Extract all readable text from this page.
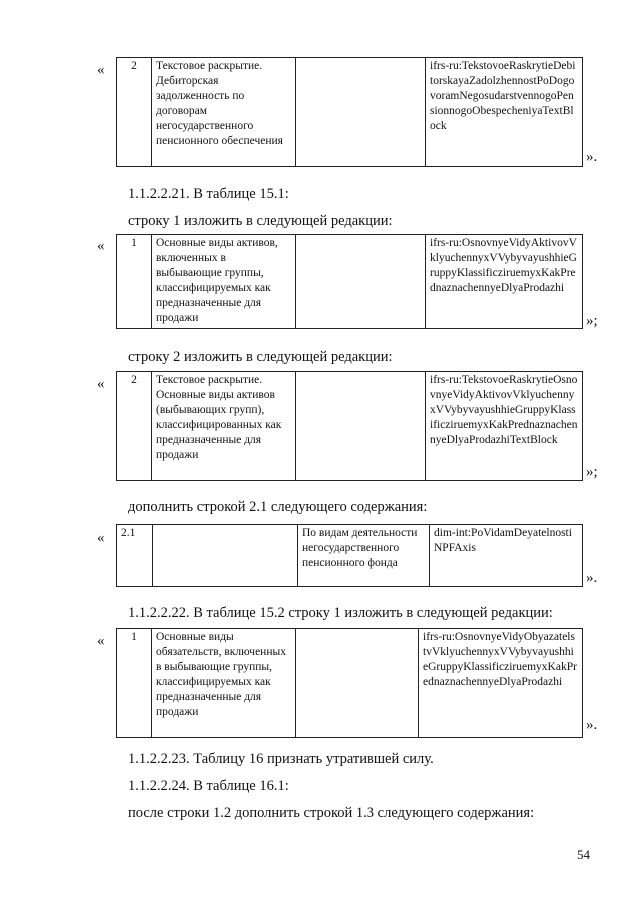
« 2	Текстовое раскрытие. Дебиторская задолженность по договорам негосударственного пенсионного обеспечения		ifrs-ru:TekstovoeRaskrytieDebitorskayaZadolzhennostPoDogovoramNegosudarstvennogoPensionnogoObespecheniyaTextBlock
».
1.1.2.2.21. В таблице 15.1:
строку 1 изложить в следующей редакции:
« 1	Основные виды активов, включенных в выбывающие группы, классифицируемых как предназначенные для продажи		ifrs-ru:OsnovnyeVidyAktivovVklyuchennyxVVybyvayushhieGruppyKlassificziruemyxKakPrednaznachennyeDlyaProdazhi
»;
строку 2 изложить в следующей редакции:
« 2	Текстовое раскрытие. Основные виды активов (выбывающих групп), классифицированных как предназначенные для продажи		ifrs-ru:TekstovoeRaskrytieOsnovnyeVidyAktivovVklyuchennyxVVybyvayushhieGruppyKlassificziruemyxKakPrednaznachennyeDlyaProdazhiTextBlock
»;
дополнить строкой 2.1 следующего содержания:
« 2.1		По видам деятельности негосударственного пенсионного фонда	dim-int:PoVidamDeyatelnostiNPFAxis
».
1.1.2.2.22. В таблице 15.2 строку 1 изложить в следующей редакции:
« 1	Основные виды обязательств, включенных в выбывающие группы, классифицируемых как предназначенные для продажи		ifrs-ru:OsnovnyeVidyObyazatelstvVklyuchennyxVVybyvayushhieGruppyKlassificziruemyxKakPrednaznachennyeDlyaProdazhi
».
1.1.2.2.23. Таблицу 16 признать утратившей силу.
1.1.2.2.24. В таблице 16.1:
после строки 1.2 дополнить строкой 1.3 следующего содержания:
54
